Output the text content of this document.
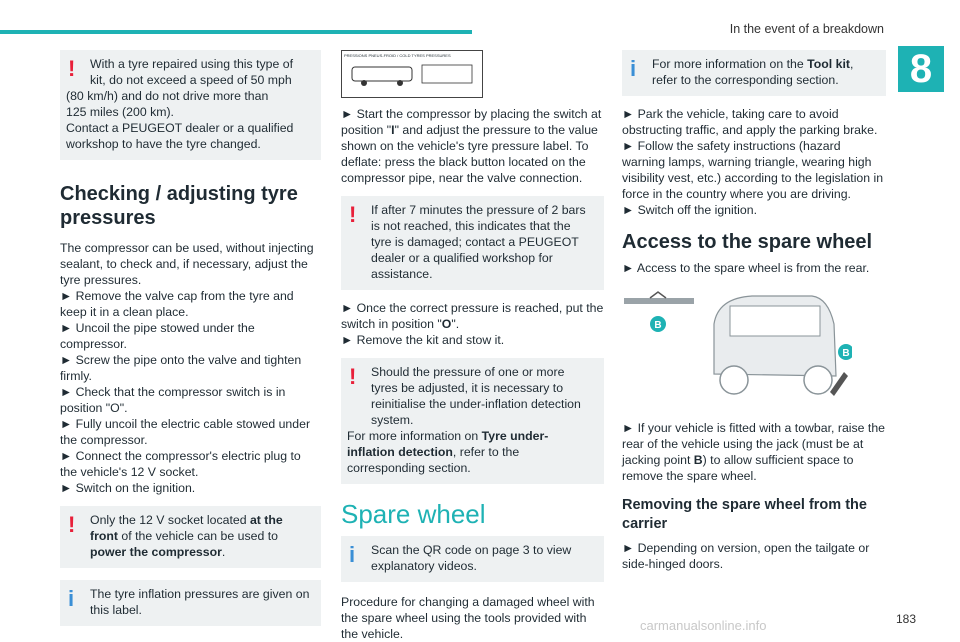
In the event of a breakdown
8
carmanualsonline.info	183
!	With a tyre repaired using this type of kit, do not exceed a speed of 50 mph

(80 km/h) and do not drive more than

125 miles (200 km).

Contact a PEUGEOT dealer or a qualified workshop to have the tyre changed.

Checking / adjusting tyre pressures

The compressor can be used, without injecting sealant, to check and, if necessary, adjust the tyre pressures.

► Remove the valve cap from the tyre and keep it in a clean place.

► Uncoil the pipe stowed under the compressor.

► Screw the pipe onto the valve and tighten firmly.

► Check that the compressor switch is in position "O".

► Fully uncoil the electric cable stowed under the compressor.

► Connect the compressor's electric plug to the vehicle's 12 V socket.

► Switch on the ignition.

!	Only the 12 V socket located at the front of the vehicle can be used to power the compressor.

i	The tyre inflation pressures are given on this label.

PRESSIONS PNEUS-FROID / COLD TYRES PRESSURES

► Start the compressor by placing the switch at position "I" and adjust the pressure to the value shown on the vehicle's tyre pressure label. To deflate: press the black button located on the compressor pipe, near the valve connection.

!	If after 7 minutes the pressure of 2 bars is not reached, this indicates that the tyre is damaged; contact a PEUGEOT dealer or a qualified workshop for assistance.

► Once the correct pressure is reached, put the switch in position "O".

► Remove the kit and stow it.

!	Should the pressure of one or more tyres be adjusted, it is necessary to reinitialise the under-inflation detection system.

For more information on Tyre under-inflation detection, refer to the corresponding section.

Spare wheel
i	Scan the QR code on page 3 to view explanatory videos.

Procedure for changing a damaged wheel with the spare wheel using the tools provided with the vehicle.

i	For more information on the Tool kit, refer to the corresponding section.

► Park the vehicle, taking care to avoid obstructing traffic, and apply the parking brake.

► Follow the safety instructions (hazard warning lamps, warning triangle, wearing high visibility vest, etc.) according to the legislation in force in the country where you are driving.

► Switch off the ignition.

Access to the spare wheel

► Access to the spare wheel is from the rear.

B
B

► If your vehicle is fitted with a towbar, raise the rear of the vehicle using the jack (must be at jacking point B) to allow sufficient space to remove the spare wheel.

Removing the spare wheel from the carrier

► Depending on version, open the tailgate or side-hinged doors.
